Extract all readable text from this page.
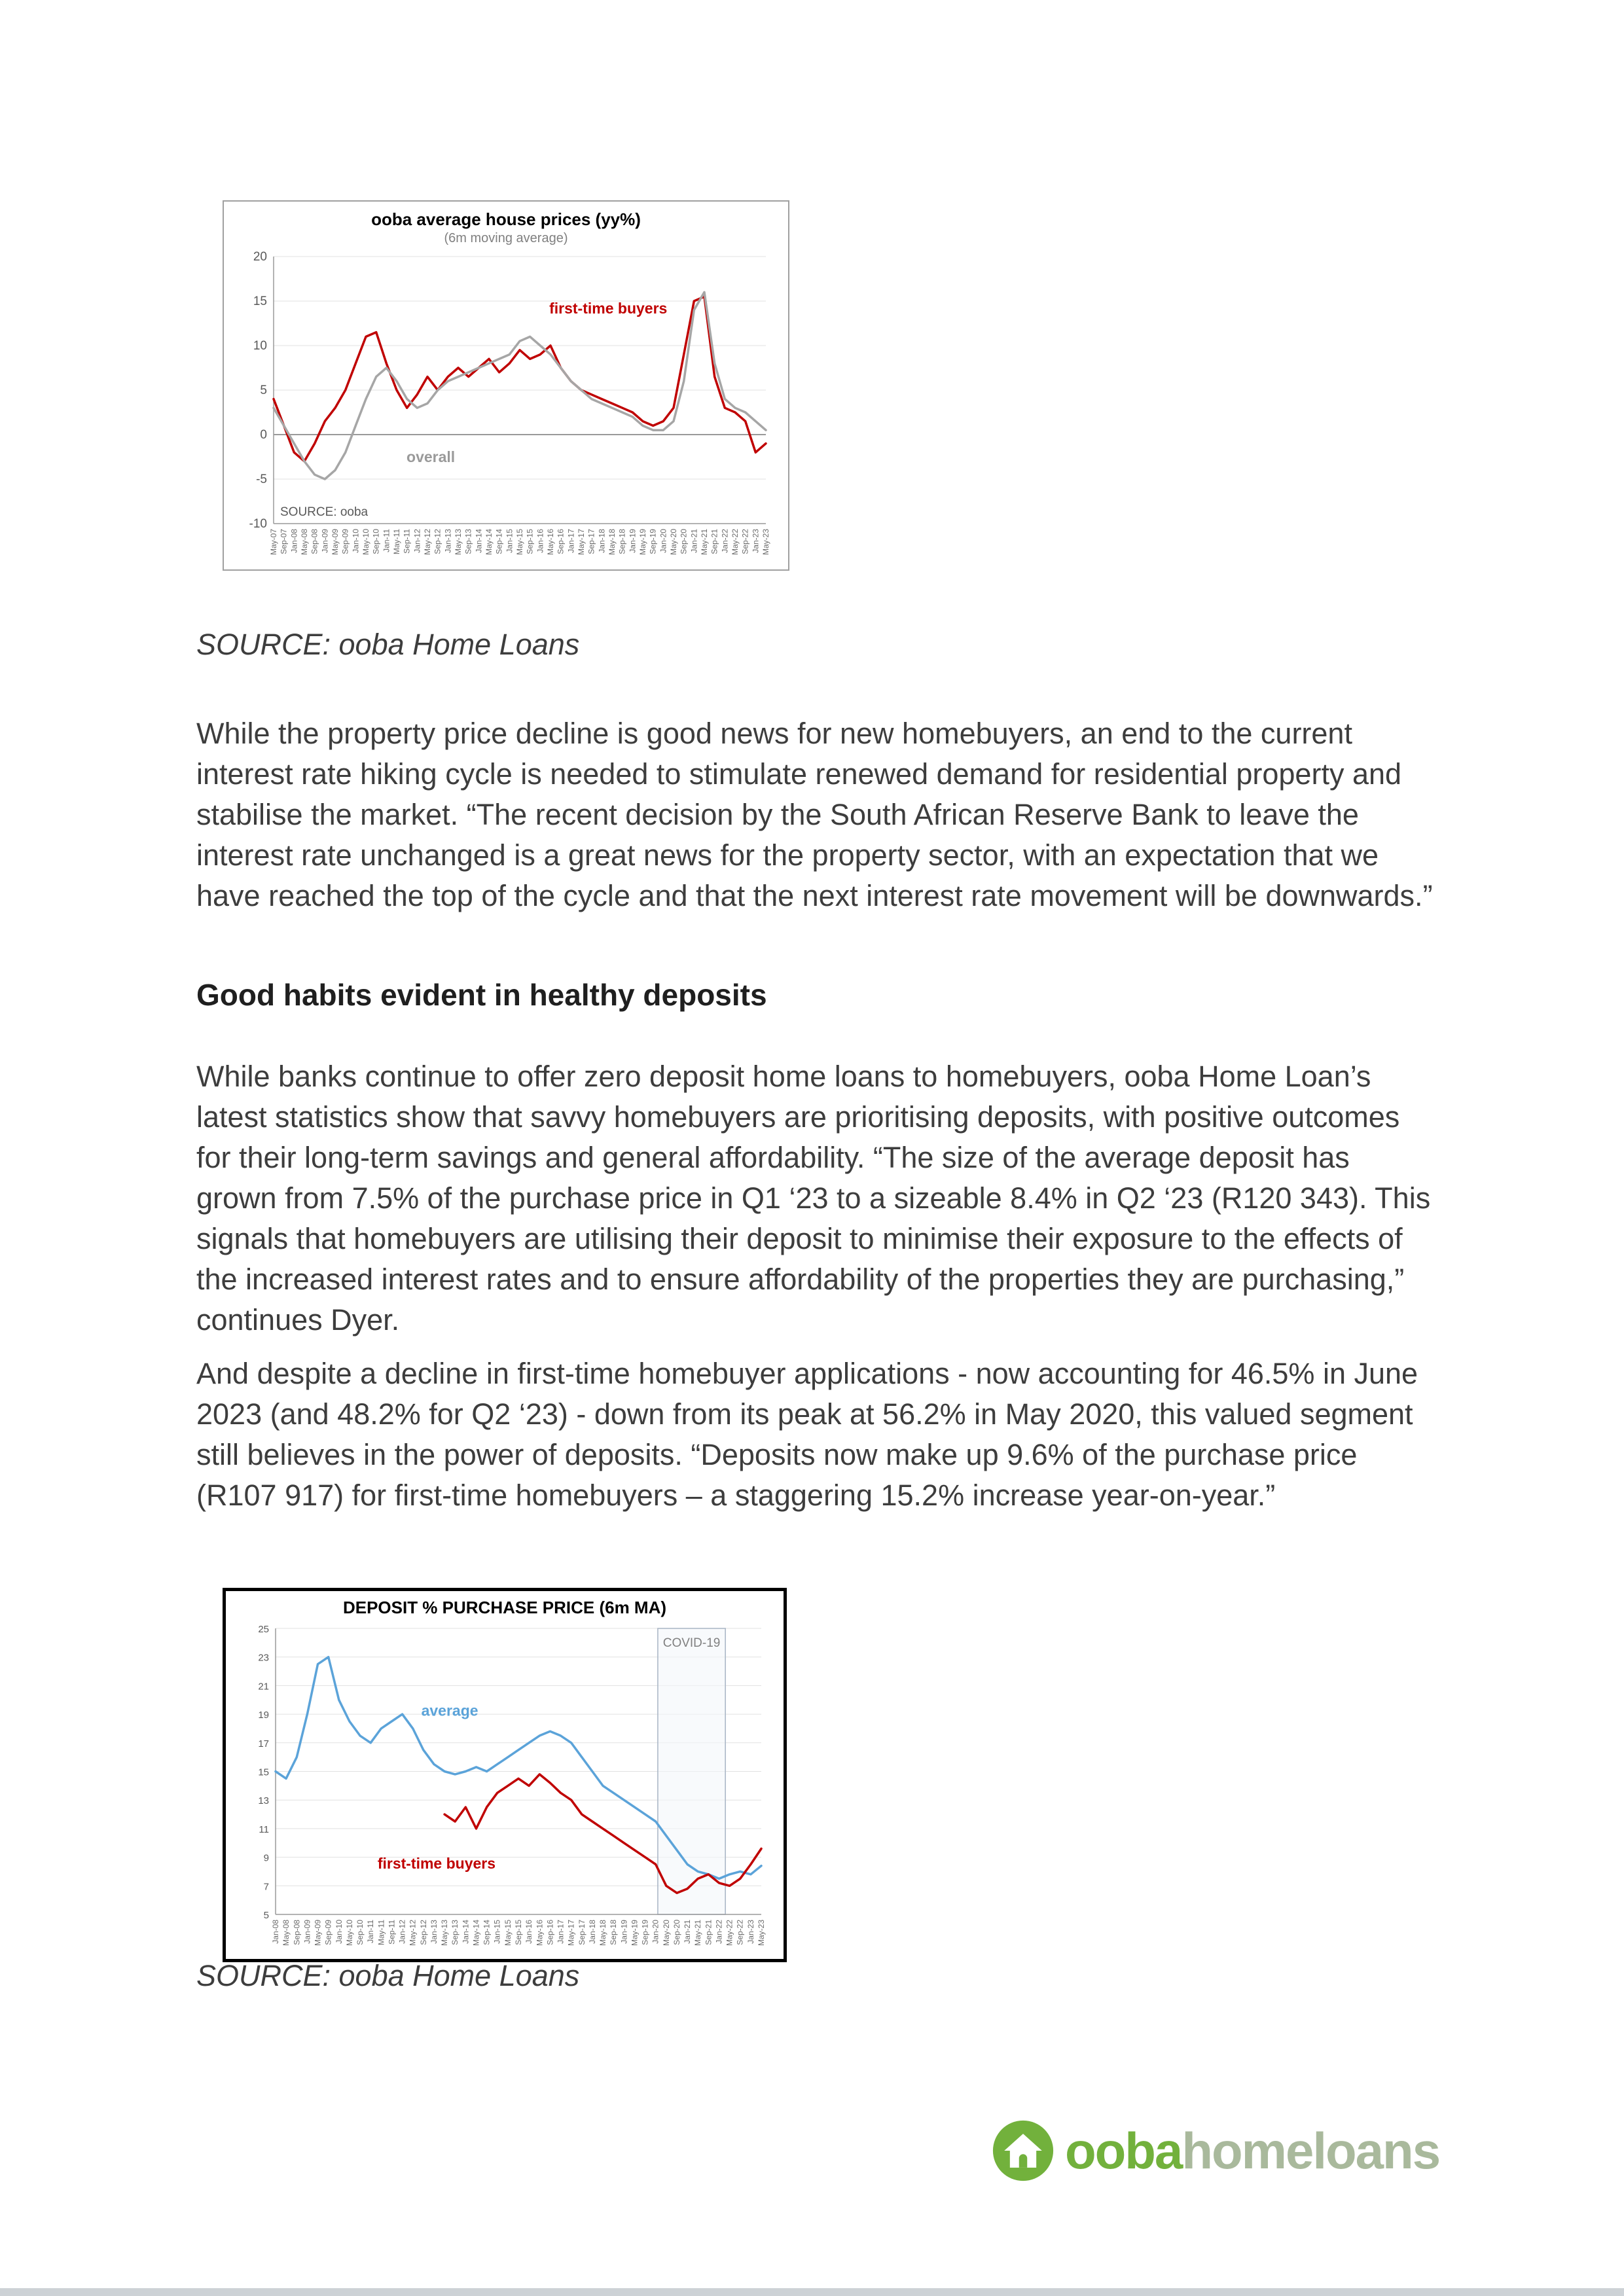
ooba average house prices (yy%)
(6m moving average)
-10
-5
0
5
10
15
20
May-07 Sep-07 Jan-08 May-08 Sep-08 Jan-09 May-09 Sep-09 Jan-10 May-10 Sep-10 Jan-11 May-11 Sep-11 Jan-12 May-12 Sep-12 Jan-13 May-13 Sep-13 Jan-14 May-14 Sep-14 Jan-15 May-15 Sep-15 Jan-16 May-16 Sep-16 Jan-17 May-17 Sep-17 Jan-18 May-18 Sep-18 Jan-19 May-19 Sep-19 Jan-20 May-20 Sep-20 Jan-21 May-21 Sep-21 Jan-22 May-22 Sep-22 Jan-23 May-23
first-time buyers
overall
SOURCE: ooba

SOURCE: ooba Home Loans

While the property price decline is good news for new homebuyers, an end to the current interest rate hiking cycle is needed to stimulate renewed demand for residential property and stabilise the market. “The recent decision by the South African Reserve Bank to leave the interest rate unchanged is a great news for the property sector, with an expectation that we have reached the top of the cycle and that the next interest rate movement will be downwards.”

Good habits evident in healthy deposits

While banks continue to offer zero deposit home loans to homebuyers, ooba Home Loan’s latest statistics show that savvy homebuyers are prioritising deposits, with positive outcomes for their long-term savings and general affordability. “The size of the average deposit has grown from 7.5% of the purchase price in Q1 ‘23 to a sizeable 8.4% in Q2 ‘23 (R120 343). This signals that homebuyers are utilising their deposit to minimise their exposure to the effects of the increased interest rates and to ensure affordability of the properties they are purchasing,” continues Dyer.

And despite a decline in first-time homebuyer applications - now accounting for 46.5% in June 2023 (and 48.2% for Q2 ‘23) - down from its peak at 56.2% in May 2020, this valued segment still believes in the power of deposits. “Deposits now make up 9.6% of the purchase price (R107 917) for first-time homebuyers – a staggering 15.2% increase year-on-year.”

DEPOSIT % PURCHASE PRICE (6m MA)
5
7
9
11
13
15
17
19
21
23
25
COVID-19
Jan-08 May-08 Sep-08 Jan-09 May-09 Sep-09 Jan-10 May-10 Sep-10 Jan-11 May-11 Sep-11 Jan-12 May-12 Sep-12 Jan-13 May-13 Sep-13 Jan-14 May-14 Sep-14 Jan-15 May-15 Sep-15 Jan-16 May-16 Sep-16 Jan-17 May-17 Sep-17 Jan-18 May-18 Sep-18 Jan-19 May-19 Sep-19 Jan-20 May-20 Sep-20 Jan-21 May-21 Sep-21 Jan-22 May-22 Sep-22 Jan-23 May-23
average
first-time buyers

SOURCE: ooba Home Loans

oobahomeloans
